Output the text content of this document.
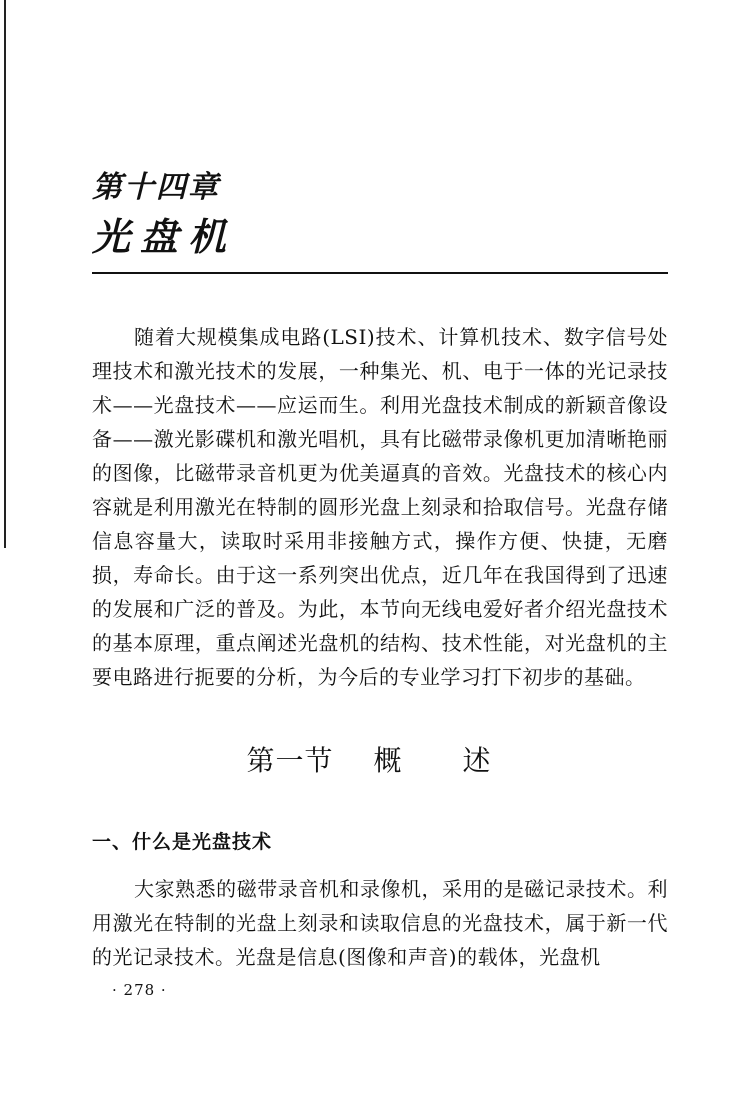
第十四章
光盘机

随着大规模集成电路(LSI)技术、计算机技术、数字信号处理技术和激光技术的发展，一种集光、机、电于一体的光记录技术——光盘技术——应运而生。利用光盘技术制成的新颖音像设备——激光影碟机和激光唱机，具有比磁带录像机更加清晰艳丽的图像，比磁带录音机更为优美逼真的音效。光盘技术的核心内容就是利用激光在特制的圆形光盘上刻录和拾取信号。光盘存储信息容量大，读取时采用非接触方式，操作方便、快捷，无磨损，寿命长。由于这一系列突出优点，近几年在我国得到了迅速的发展和广泛的普及。为此，本节向无线电爱好者介绍光盘技术的基本原理，重点阐述光盘机的结构、技术性能，对光盘机的主要电路进行扼要的分析，为今后的专业学习打下初步的基础。

第一节 概 述
一、什么是光盘技术

大家熟悉的磁带录音机和录像机，采用的是磁记录技术。利用激光在特制的光盘上刻录和读取信息的光盘技术，属于新一代的光记录技术。光盘是信息(图像和声音)的载体，光盘机

· 278 ·
